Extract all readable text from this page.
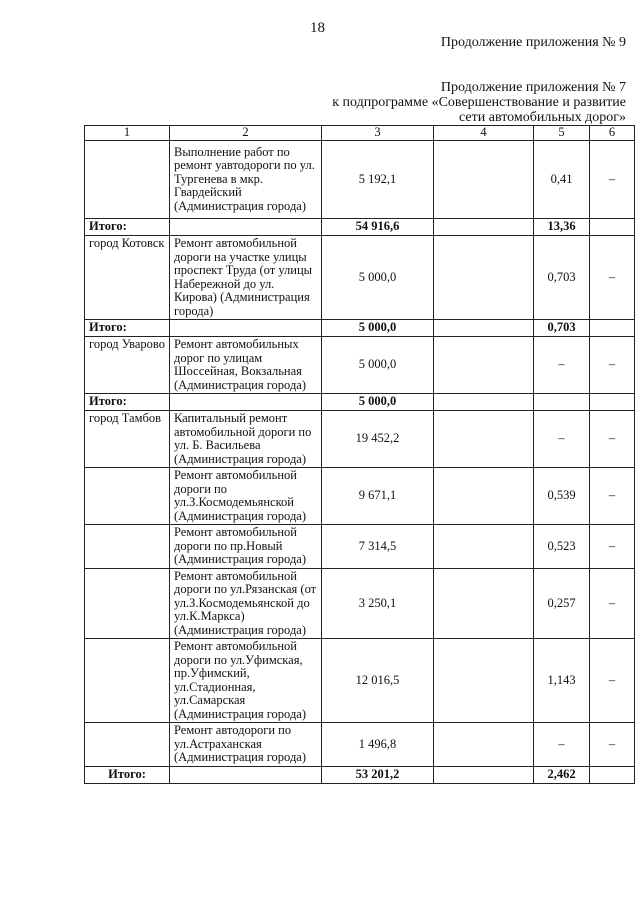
18
Продолжение приложения № 9
Продолжение приложения № 7
к подпрограмме «Совершенствование и развитие
сети автомобильных дорог»
1	2	3	4	5	6
	Выполнение работ по ремонт уавтодороги по ул. Тургенева в мкр. Гвардейский (Администрация города)	5 192,1		0,41	–
Итого:		54 916,6		13,36	
город Котовск	Ремонт автомобильной дороги на участке улицы проспект Труда (от улицы Набережной до ул. Кирова) (Администрация города)	5 000,0		0,703	–
Итого:		5 000,0		0,703	
город Уварово	Ремонт автомобильных дорог по улицам Шоссейная, Вокзальная (Администрация города)	5 000,0		–	–
Итого:		5 000,0			
город Тамбов	Капитальный ремонт автомобильной дороги по ул. Б. Васильева (Администрация города)	19 452,2		–	–
	Ремонт автомобильной дороги по ул.З.Космодемьянской (Администрация города)	9 671,1		0,539	–
	Ремонт автомобильной дороги по пр.Новый (Администрация города)	7 314,5		0,523	–
	Ремонт автомобильной дороги по ул.Рязанская (от ул.З.Космодемьянской до ул.К.Маркса) (Администрация города)	3 250,1		0,257	–
	Ремонт автомобильной дороги по ул.Уфимская, пр.Уфимский, ул.Стадионная, ул.Самарская (Администрация города)	12 016,5		1,143	–
	Ремонт автодороги по ул.Астраханская (Администрация города)	1 496,8		–	–
Итого:		53 201,2		2,462	
